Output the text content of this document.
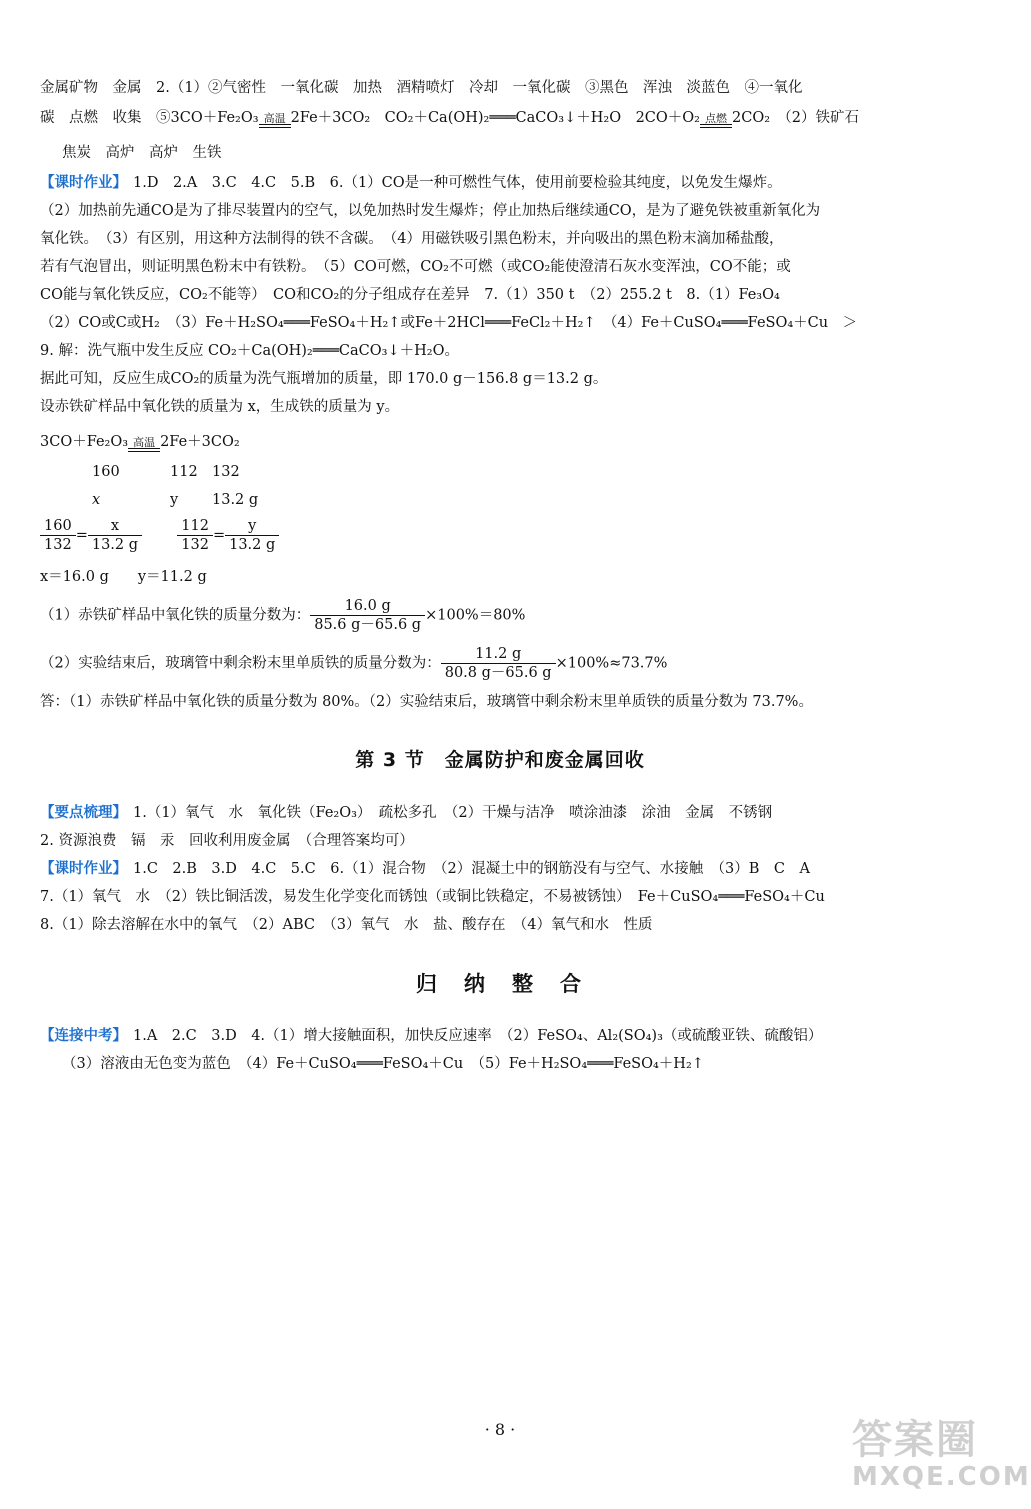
金属矿物　金属　2.（1）②气密性　一氧化碳　加热　酒精喷灯　冷却　一氧化碳　③黑色　浑浊　淡蓝色　④一氧化
碳　点燃　收集　⑤3CO＋Fe₂O₃ 高温 2Fe＋3CO₂　CO₂＋Ca(OH)₂═══CaCO₃↓＋H₂O　2CO＋O₂ 点燃 2CO₂　（2）铁矿石
焦炭　高炉　高炉　生铁
【课时作业】 1.D　2.A　3.C　4.C　5.B　6.（1）CO是一种可燃性气体，使用前要检验其纯度，以免发生爆炸。
（2）加热前先通CO是为了排尽装置内的空气，以免加热时发生爆炸；停止加热后继续通CO，是为了避免铁被重新氧化为
氧化铁。　（3）有区别，用这种方法制得的铁不含碳。　（4）用磁铁吸引黑色粉末，并向吸出的黑色粉末滴加稀盐酸，
若有气泡冒出，则证明黑色粉末中有铁粉。　（5）CO可燃，CO₂不可燃（或CO₂能使澄清石灰水变浑浊，CO不能；或
CO能与氧化铁反应，CO₂不能等）　CO和CO₂的分子组成存在差异　7.（1）350 t　（2）255.2 t　8.（1）Fe₃O₄
（2）CO或C或H₂　（3）Fe＋H₂SO₄═══FeSO₄＋H₂↑或Fe＋2HCl═══FeCl₂＋H₂↑　（4）Fe＋CuSO₄═══FeSO₄＋Cu　＞
9. 解：洗气瓶中发生反应 CO₂＋Ca(OH)₂═══CaCO₃↓＋H₂O。
据此可知，反应生成CO₂的质量为洗气瓶增加的质量，即 170.0 g－156.8 g＝13.2 g。
设赤铁矿样品中氧化铁的质量为 x，生成铁的质量为 y。
3CO＋Fe₂O₃ 高温 2Fe＋3CO₂
160	112 132
x	y 13.2 g
$\frac{160}{132} = \frac{x}{13.2 g}$
$\frac{112}{132} = \frac{y}{13.2 g}$
x＝16.0 g　　y＝11.2 g
（1）赤铁矿样品中氧化铁的质量分数为： $\frac{16.0 g}{85.6 g-65.6 g} \times 100\%=80\%$
（2）实验结束后，玻璃管中剩余粉末里单质铁的质量分数为： $\frac{11.2 g}{80.8 g-65.6 g} \times 100\%\approx 73.7\%$
答：（1）赤铁矿样品中氧化铁的质量分数为 80%。（2）实验结束后，玻璃管中剩余粉末里单质铁的质量分数为 73.7%。
第 3 节　金属防护和废金属回收
【要点梳理】 1.（1）氧气　水　氧化铁（Fe₂O₃）　疏松多孔　（2）干燥与洁净　喷涂油漆　涂油　金属　不锈钢
2. 资源浪费　镉　汞　回收利用废金属　（合理答案均可）
【课时作业】 1.C　2.B　3.D　4.C　5.C　6.（1）混合物　（2）混凝土中的钢筋没有与空气、水接触　（3）B　C　A
7.（1）氧气　水　（2）铁比铜活泼，易发生化学变化而锈蚀（或铜比铁稳定，不易被锈蚀）　Fe＋CuSO₄═══FeSO₄＋Cu
8.（1）除去溶解在水中的氧气　（2）ABC　（3）氧气　水　盐、酸存在　（4）氧气和水　性质
归　纳　整　合
【连接中考】 1.A　2.C　3.D　4.（1）增大接触面积，加快反应速率　（2）FeSO₄、Al₂(SO₄)₃（或硫酸亚铁、硫酸铝）
（3）溶液由无色变为蓝色　（4）Fe＋CuSO₄═══FeSO₄＋Cu　（5）Fe＋H₂SO₄═══FeSO₄＋H₂↑
· 8 ·	答案圈
MXQE.COM
